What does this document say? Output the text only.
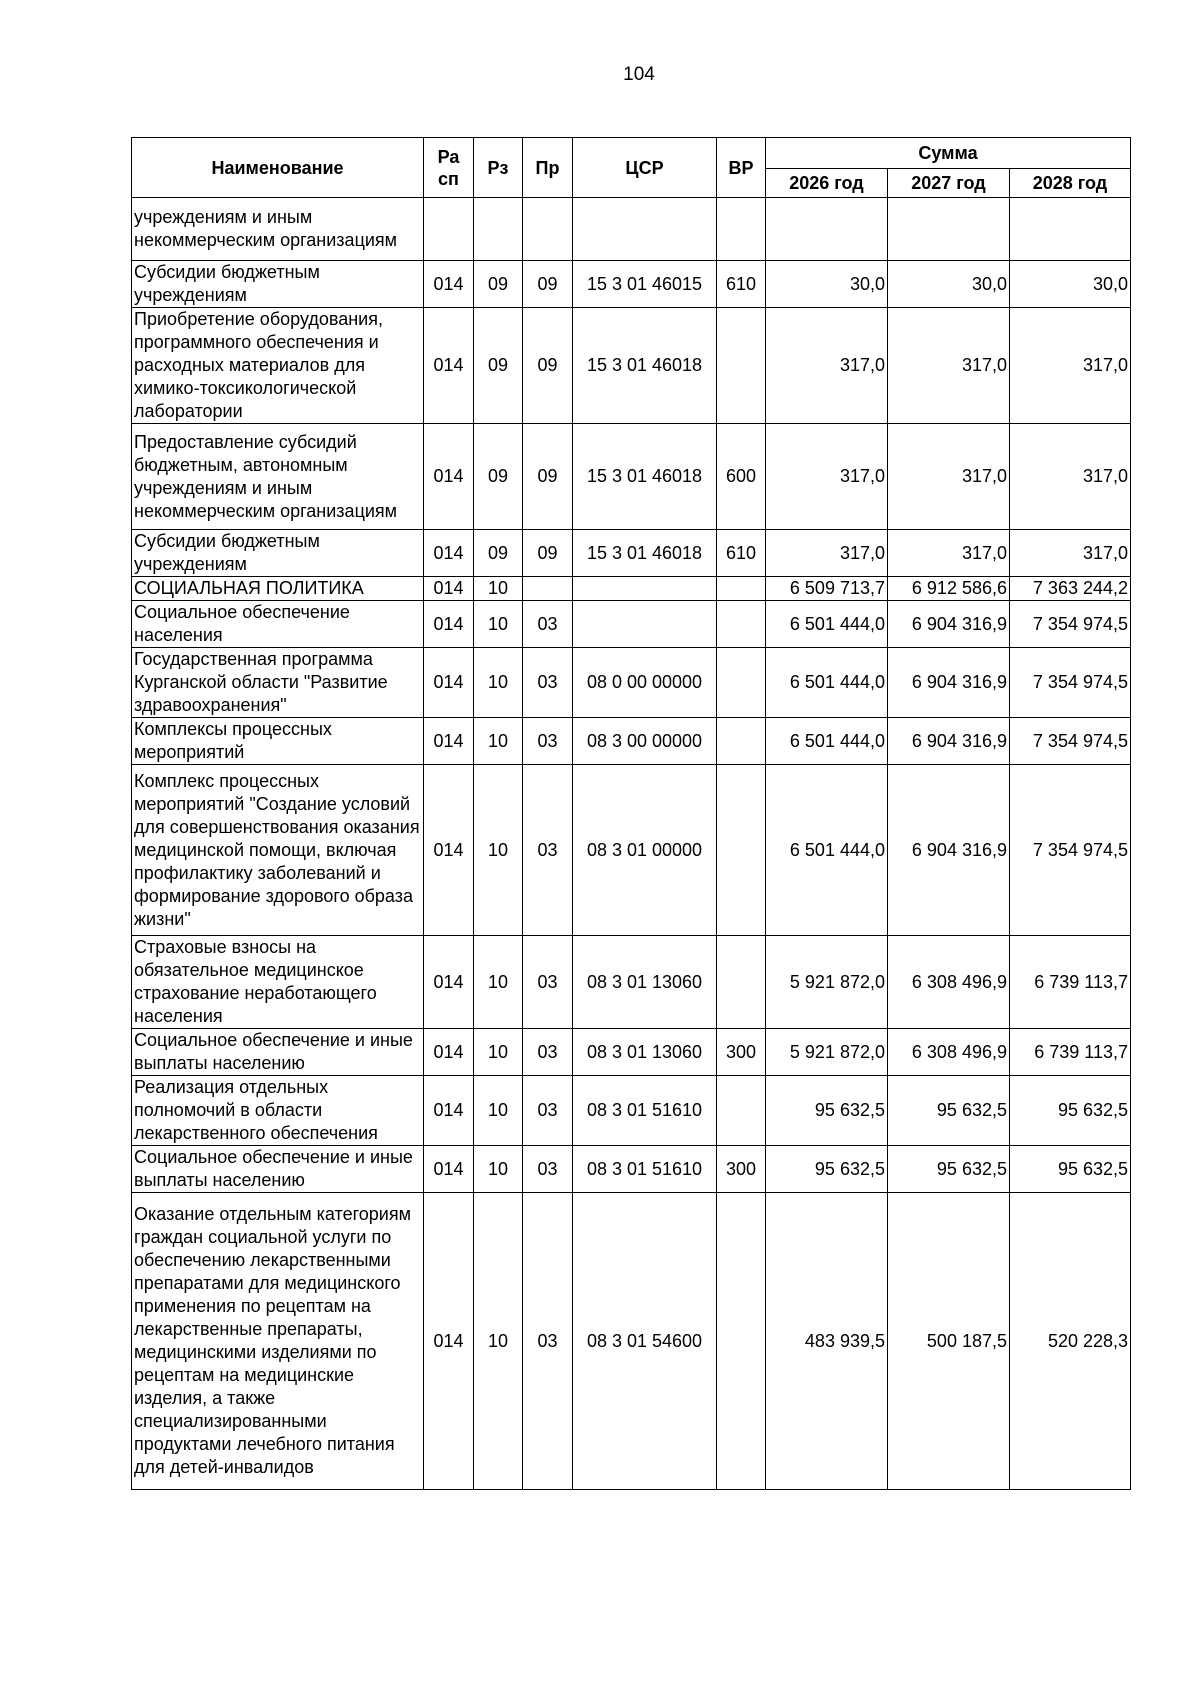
104
Наименование	Ра сп	Рз	Пр	ЦСР	ВР	Сумма		
						2026 год	2027 год	2028 год
учреждениям и иным некоммерческим организациям								
Субсидии бюджетным учреждениям	014	09	09	15 3 01 46015	610	30,0	30,0	30,0
Приобретение оборудования, программного обеспечения и расходных материалов для химико-токсикологической лаборатории	014	09	09	15 3 01 46018		317,0	317,0	317,0
Предоставление субсидий бюджетным, автономным учреждениям и иным некоммерческим организациям	014	09	09	15 3 01 46018	600	317,0	317,0	317,0
Субсидии бюджетным учреждениям	014	09	09	15 3 01 46018	610	317,0	317,0	317,0
СОЦИАЛЬНАЯ ПОЛИТИКА	014	10				6 509 713,7	6 912 586,6	7 363 244,2
Социальное обеспечение населения	014	10	03			6 501 444,0	6 904 316,9	7 354 974,5
Государственная программа Курганской области "Развитие здравоохранения"	014	10	03	08 0 00 00000		6 501 444,0	6 904 316,9	7 354 974,5
Комплексы процессных мероприятий	014	10	03	08 3 00 00000		6 501 444,0	6 904 316,9	7 354 974,5
Комплекс процессных мероприятий "Создание условий для совершенствования оказания медицинской помощи, включая профилактику заболеваний и формирование здорового образа жизни"	014	10	03	08 3 01 00000		6 501 444,0	6 904 316,9	7 354 974,5
Страховые взносы на обязательное медицинское страхование неработающего населения	014	10	03	08 3 01 13060		5 921 872,0	6 308 496,9	6 739 113,7
Социальное обеспечение и иные выплаты населению	014	10	03	08 3 01 13060	300	5 921 872,0	6 308 496,9	6 739 113,7
Реализация отдельных полномочий в области лекарственного обеспечения	014	10	03	08 3 01 51610		95 632,5	95 632,5	95 632,5
Социальное обеспечение и иные выплаты населению	014	10	03	08 3 01 51610	300	95 632,5	95 632,5	95 632,5
Оказание отдельным категориям граждан социальной услуги по обеспечению лекарственными препаратами для медицинского применения по рецептам на лекарственные препараты, медицинскими изделиями по рецептам на медицинские изделия, а также специализированными продуктами лечебного питания для детей-инвалидов	014	10	03	08 3 01 54600		483 939,5	500 187,5	520 228,3
